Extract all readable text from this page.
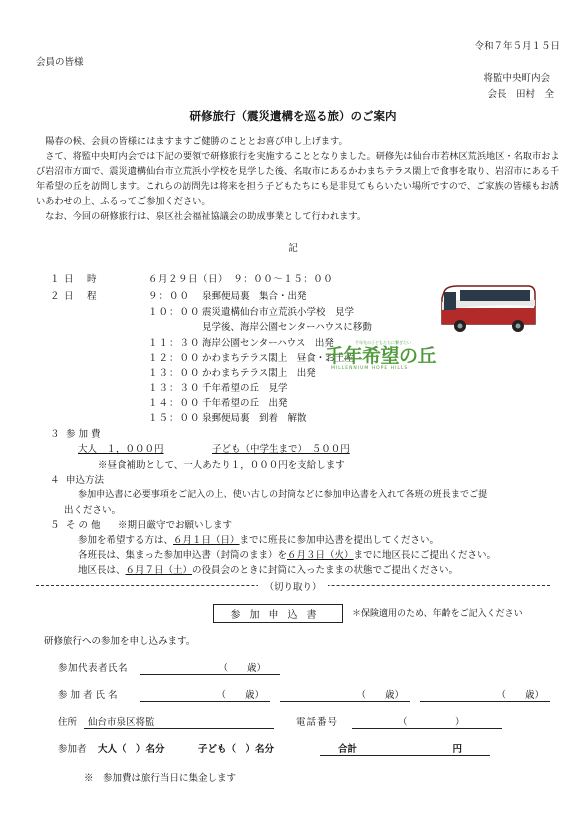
令和７年５月１５日
会員の皆様
将監中央町内会
会長　田村　全
研修旅行（震災遺構を巡る旅）のご案内
陽春の候、会員の皆様にはますますご健勝のこととお喜び申し上げます。
さて、将監中央町内会では下記の要領で研修旅行を実施することとなりました。研修先は仙台市若林区荒浜地区・名取市および岩沼市方面で、震災遺構仙台市立荒浜小学校を見学した後、名取市にあるかわまちテラス閖上で食事を取り、岩沼市にある千年希望の丘を訪問します。これらの訪問先は将来を担う子どもたちにも是非見てもらいたい場所ですので、ご家族の皆様もお誘いあわせの上、ふるってご参加ください。
なお、今回の研修旅行は、泉区社会福祉協議会の助成事業として行われます。
記
１ 日　時	６月２９日（日）　９：００～１５：００
２ 日　程	９：００	泉郵便局裏　集合・出発
１０：００ 震災遺構仙台市立荒浜小学校　見学
見学後、海岸公園センターハウスに移動
１１：３０ 海岸公園センターハウス　出発
１２：００ かわまちテラス閖上　昼食・お土産
１３：００ かわまちテラス閖上　出発
１３：３０ 千年希望の丘　見学
１４：００ 千年希望の丘　出発
１５：００ 泉郵便局裏　到着　解散
千年先の子どもたちに繋ぎたい
千年希望の丘
MILLENNIUM HOPE HILLS
３ 参加費
大人　１，０００円	子ども（中学生まで）　５００円
※昼食補助として、一人あたり１，０００円を支給します
４ 申込方法
参加申込書に必要事項をご記入の上、使い古しの封筒などに参加申込書を入れて各班の班長までご提
出ください。
５ その他 ※期日厳守でお願いします
参加を希望する方は、６月１日（日）までに班長に参加申込書を提出してください。
各班長は、集まった参加申込書（封筒のまま）を６月３日（火）までに地区長にご提出ください。
地区長は、６月７日（土）の役員会のときに封筒に入ったままの状態でご提出ください。
（切り取り）
参加申込書	＊保険適用のため、年齢をご記入ください
研修旅行への参加を申し込みます。
参加代表者氏名	（　　歳）
参加者氏名	（　　歳）	（　　歳）	（　　歳）
住所 仙台市泉区将監	電話番号	（　　　　　）
参加者 大人（　）名分	子ども（　）名分	合計	円
※　参加費は旅行当日に集金します
